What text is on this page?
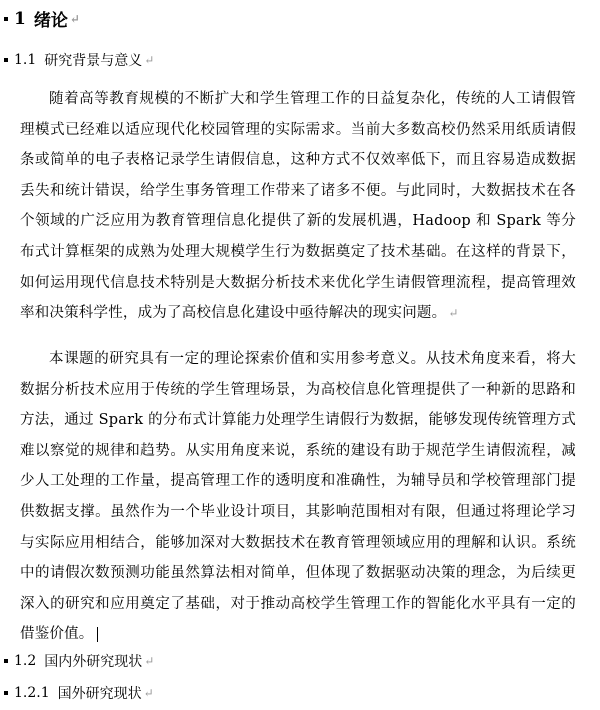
1 绪论 ↵
1.1 研究背景与意义 ↵

随着高等教育规模的不断扩大和学生管理工作的日益复杂化，传统的人工请假管理模式已经难以适应现代化校园管理的实际需求。当前大多数高校仍然采用纸质请假条或简单的电子表格记录学生请假信息，这种方式不仅效率低下，而且容易造成数据丢失和统计错误，给学生事务管理工作带来了诸多不便。与此同时，大数据技术在各个领域的广泛应用为教育管理信息化提供了新的发展机遇，Hadoop 和 Spark 等分布式计算框架的成熟为处理大规模学生行为数据奠定了技术基础。在这样的背景下，如何运用现代信息技术特别是大数据分析技术来优化学生请假管理流程，提高管理效率和决策科学性，成为了高校信息化建设中亟待解决的现实问题。 ↵

本课题的研究具有一定的理论探索价值和实用参考意义。从技术角度来看，将大数据分析技术应用于传统的学生管理场景，为高校信息化管理提供了一种新的思路和方法，通过 Spark 的分布式计算能力处理学生请假行为数据，能够发现传统管理方式难以察觉的规律和趋势。从实用角度来说，系统的建设有助于规范学生请假流程，减少人工处理的工作量，提高管理工作的透明度和准确性，为辅导员和学校管理部门提供数据支撑。虽然作为一个毕业设计项目，其影响范围相对有限，但通过将理论学习与实际应用相结合，能够加深对大数据技术在教育管理领域应用的理解和认识。系统中的请假次数预测功能虽然算法相对简单，但体现了数据驱动决策的理念，为后续更深入的研究和应用奠定了基础，对于推动高校学生管理工作的智能化水平具有一定的借鉴价值。

1.2 国内外研究现状 ↵
1.2.1 国外研究现状 ↵
